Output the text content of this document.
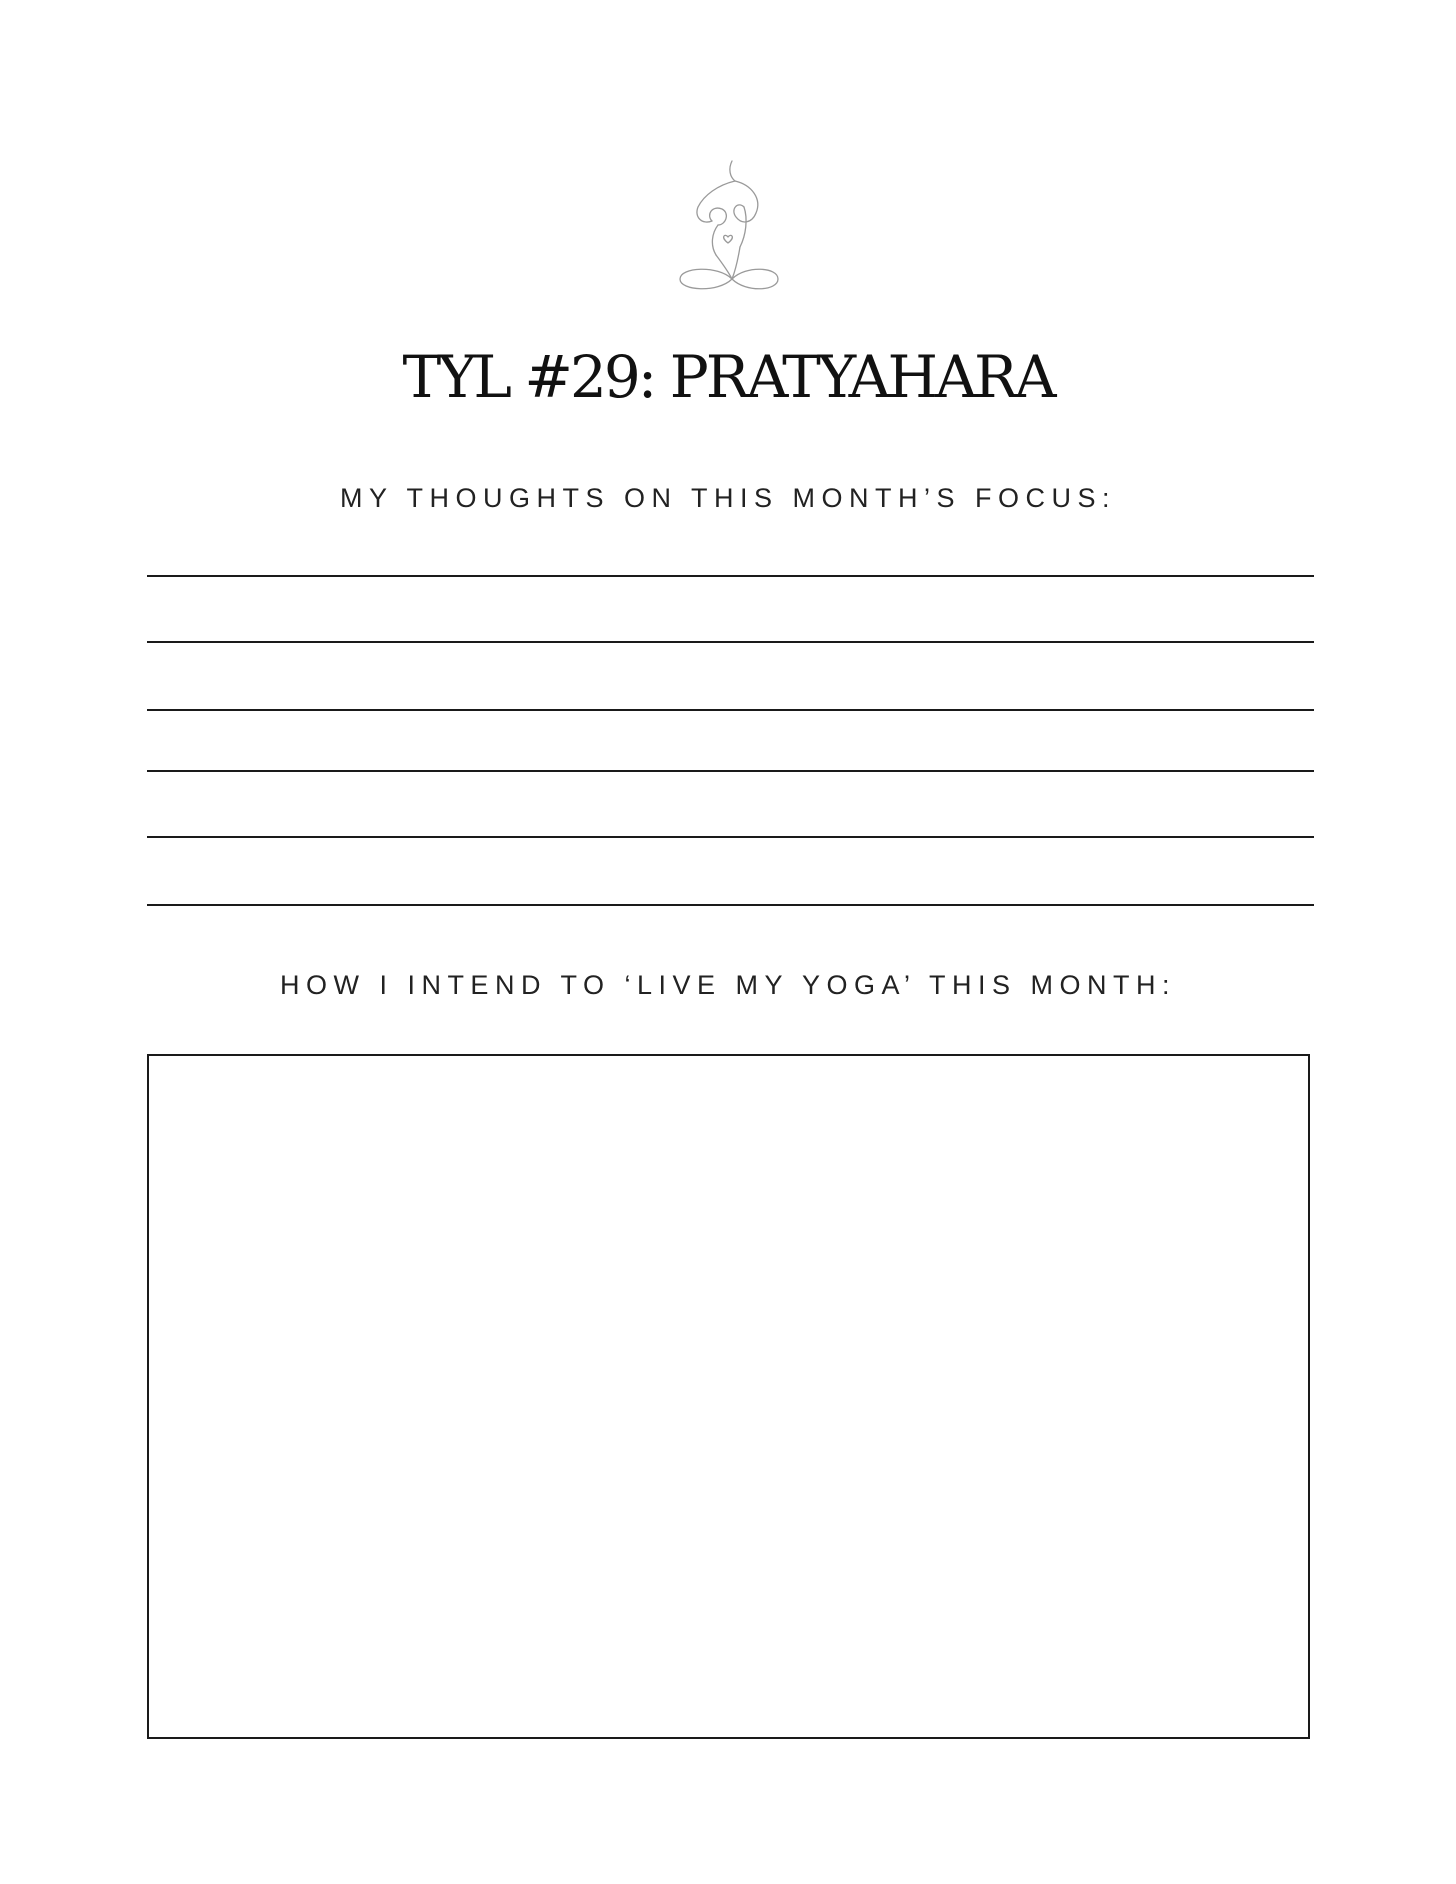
TYL #29: PRATYAHARA
MY THOUGHTS ON THIS MONTH’S FOCUS:
HOW I INTEND TO ‘LIVE MY YOGA’ THIS MONTH:
